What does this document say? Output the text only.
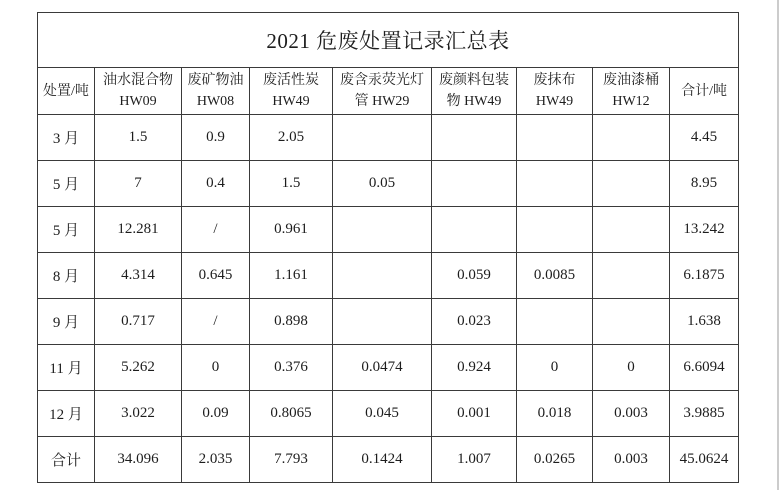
2021 危废处置记录汇总表								
处置/吨	油水混合物 HW09	废矿物油 HW08	废活性炭 HW49	废含汞荧光灯管 HW29	废颜料包装物 HW49	废抹布 HW49	废油漆桶 HW12	合计/吨
3 月	1.5	0.9	2.05					4.45
5 月	7	0.4	1.5	0.05				8.95
5 月	12.281	/	0.961					13.242
8 月	4.314	0.645	1.161		0.059	0.0085		6.1875
9 月	0.717	/	0.898		0.023			1.638
11 月	5.262	0	0.376	0.0474	0.924	0	0	6.6094
12 月	3.022	0.09	0.8065	0.045	0.001	0.018	0.003	3.9885
合计	34.096	2.035	7.793	0.1424	1.007	0.0265	0.003	45.0624
